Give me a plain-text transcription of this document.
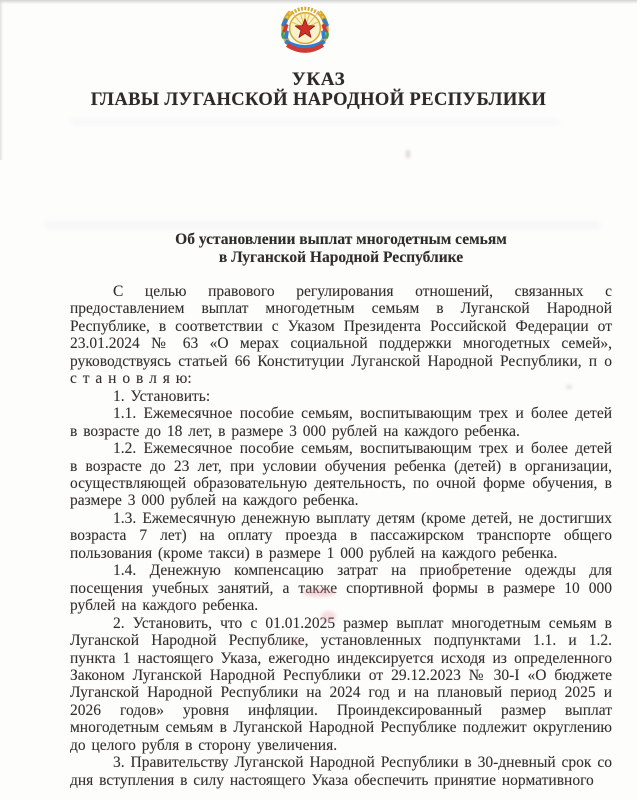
УКАЗ
ГЛАВЫ ЛУГАНСКОЙ НАРОДНОЙ РЕСПУБЛИКИ
Об установлении выплат многодетным семьям
в Луганской Народной Республике

С целью правового регулирования отношений, связанных с предоставлением выплат многодетным семьям в Луганской Народной Республике, в соответствии с Указом Президента Российской Федерации от 23.01.2024 № 63 «О мерах социальной поддержки многодетных семей», руководствуясь статьей 66 Конституции Луганской Народной Республики, п о с т а н о в л я ю:

1. Установить:

1.1. Ежемесячное пособие семьям, воспитывающим трех и более детей в возрасте до 18 лет, в размере 3 000 рублей на каждого ребенка.

1.2. Ежемесячное пособие семьям, воспитывающим трех и более детей в возрасте до 23 лет, при условии обучения ребенка (детей) в организации, осуществляющей образовательную деятельность, по очной форме обучения, в размере 3 000 рублей на каждого ребенка.

1.3. Ежемесячную денежную выплату детям (кроме детей, не достигших возраста 7 лет) на оплату проезда в пассажирском транспорте общего пользования (кроме такси) в размере 1 000 рублей на каждого ребенка.

1.4. Денежную компенсацию затрат на приобретение одежды для посещения учебных занятий, а также спортивной формы в размере 10 000 рублей на каждого ребенка.

2. Установить, что с 01.01.2025 размер выплат многодетным семьям в Луганской Народной Республике, установленных подпунктами 1.1. и 1.2. пункта 1 настоящего Указа, ежегодно индексируется исходя из определенного Законом Луганской Народной Республики от 29.12.2023 № 30-I «О бюджете Луганской Народной Республики на 2024 год и на плановый период 2025 и 2026 годов» уровня инфляции. Проиндексированный размер выплат многодетным семьям в Луганской Народной Республике подлежит округлению до целого рубля в сторону увеличения.

3. Правительству Луганской Народной Республики в 30-дневный срок со дня вступления в силу настоящего Указа обеспечить принятие нормативного
